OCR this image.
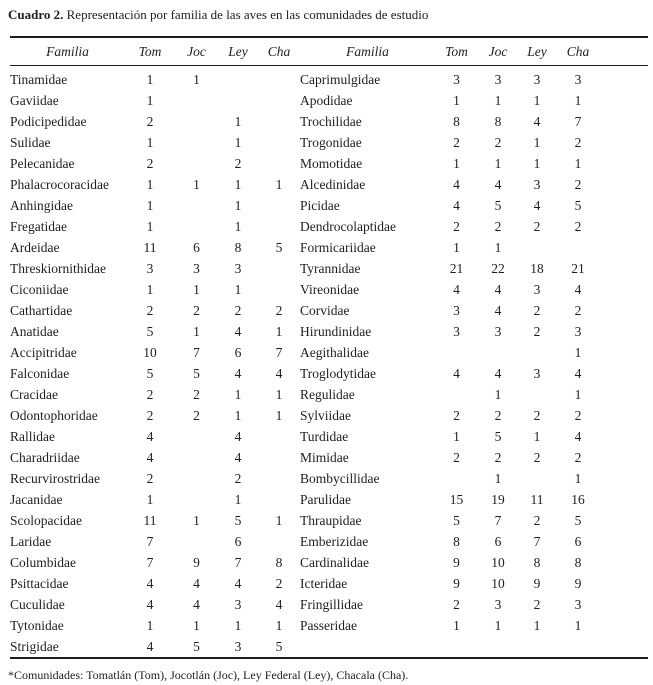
Cuadro 2. Representación por familia de las aves en las comunidades de estudio
Familia	Tom	Joc	Ley	Cha	Familia	Tom	Joc	Ley	Cha	
Tinamidae	1	1			Caprimulgidae	3	3	3	3	
Gaviidae	1				Apodidae	1	1	1	1	
Podicipedidae	2		1		Trochilidae	8	8	4	7	
Sulidae	1		1		Trogonidae	2	2	1	2	
Pelecanidae	2		2		Momotidae	1	1	1	1	
Phalacrocoracidae	1	1	1	1	Alcedinidae	4	4	3	2	
Anhingidae	1		1		Picidae	4	5	4	5	
Fregatidae	1		1		Dendrocolaptidae	2	2	2	2	
Ardeidae	11	6	8	5	Formicariidae	1	1			
Threskiornithidae	3	3	3		Tyrannidae	21	22	18	21	
Ciconiidae	1	1	1		Vireonidae	4	4	3	4	
Cathartidae	2	2	2	2	Corvidae	3	4	2	2	
Anatidae	5	1	4	1	Hirundinidae	3	3	2	3	
Accipitridae	10	7	6	7	Aegithalidae				1	
Falconidae	5	5	4	4	Troglodytidae	4	4	3	4	
Cracidae	2	2	1	1	Regulidae		1		1	
Odontophoridae	2	2	1	1	Sylviidae	2	2	2	2	
Rallidae	4		4		Turdidae	1	5	1	4	
Charadriidae	4		4		Mimidae	2	2	2	2	
Recurvirostridae	2		2		Bombycillidae		1		1	
Jacanidae	1		1		Parulidae	15	19	11	16	
Scolopacidae	11	1	5	1	Thraupidae	5	7	2	5	
Laridae	7		6		Emberizidae	8	6	7	6	
Columbidae	7	9	7	8	Cardinalidae	9	10	8	8	
Psittacidae	4	4	4	2	Icteridae	9	10	9	9	
Cuculidae	4	4	3	4	Fringillidae	2	3	2	3	
Tytonidae	1	1	1	1	Passeridae	1	1	1	1	
Strigidae	4	5	3	5						
*Comunidades: Tomatlán (Tom), Jocotlán (Joc), Ley Federal (Ley), Chacala (Cha).
